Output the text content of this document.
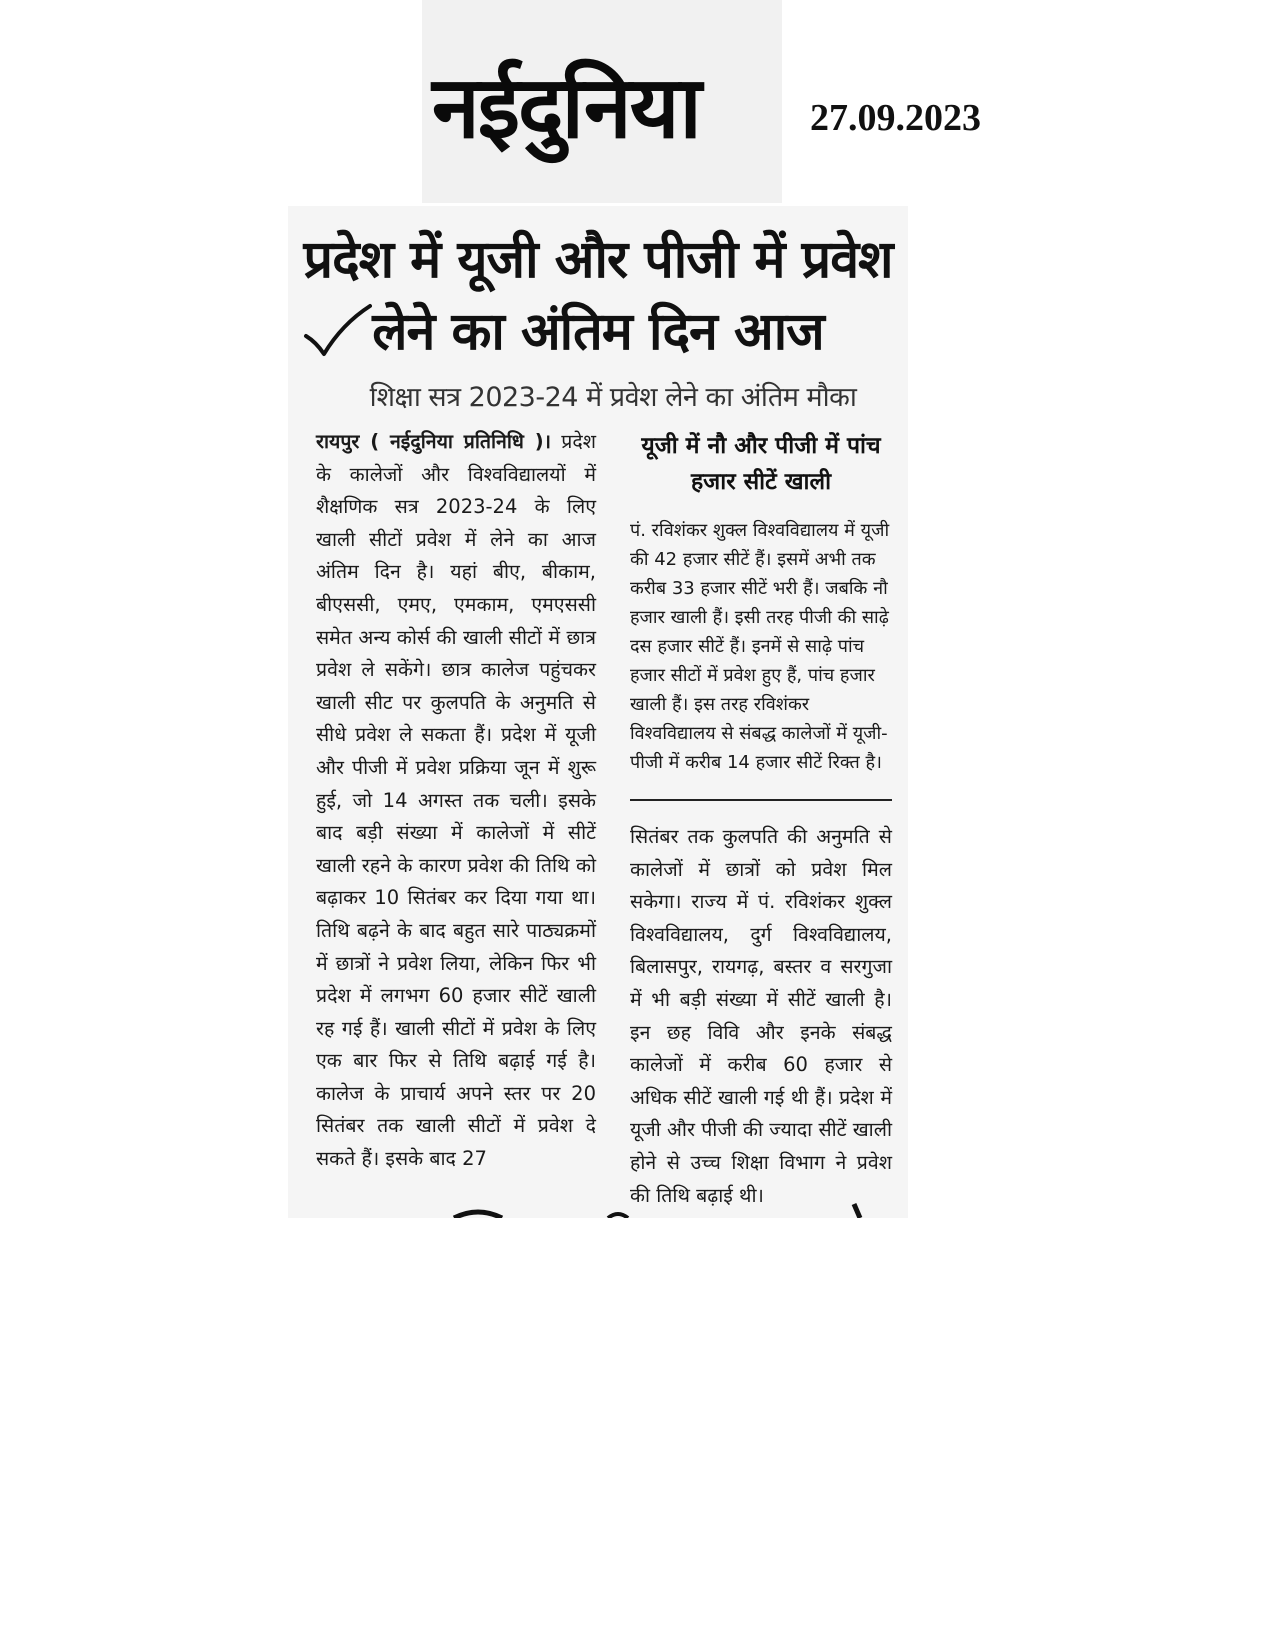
नईदुनिया	27.09.2023
प्रदेश में यूजी और पीजी में प्रवेश
लेने का अंतिम दिन आज
शिक्षा सत्र 2023-24 में प्रवेश लेने का अंतिम मौका
रायपुर ( नईदुनिया प्रतिनिधि )। प्रदेश के कालेजों और विश्वविद्यालयों में शैक्षणिक सत्र 2023-24 के लिए खाली सीटों प्रवेश में लेने का आज अंतिम दिन है। यहां बीए, बीकाम, बीएससी, एमए, एमकाम, एमएससी समेत अन्य कोर्स की खाली सीटों में छात्र प्रवेश ले सकेंगे। छात्र कालेज पहुंचकर खाली सीट पर कुलपति के अनुमति से सीधे प्रवेश ले सकता हैं। प्रदेश में यूजी और पीजी में प्रवेश प्रक्रिया जून में शुरू हुई, जो 14 अगस्त तक चली। इसके बाद बड़ी संख्या में कालेजों में सीटें खाली रहने के कारण प्रवेश की तिथि को बढ़ाकर 10 सितंबर कर दिया गया था। तिथि बढ़ने के बाद बहुत सारे पाठ्यक्रमों में छात्रों ने प्रवेश लिया, लेकिन फिर भी प्रदेश में लगभग 60 हजार सीटें खाली रह गई हैं। खाली सीटों में प्रवेश के लिए एक बार फिर से तिथि बढ़ाई गई है। कालेज के प्राचार्य अपने स्तर पर 20 सितंबर तक खाली सीटों में प्रवेश दे सकते हैं। इसके बाद 27
यूजी में नौ और पीजी में पांच हजार सीटें खाली
पं. रविशंकर शुक्ल विश्वविद्यालय में यूजी की 42 हजार सीटें हैं। इसमें अभी तक करीब 33 हजार सीटें भरी हैं। जबकि नौ हजार खाली हैं। इसी तरह पीजी की साढ़े दस हजार सीटें हैं। इनमें से साढ़े पांच हजार सीटों में प्रवेश हुए हैं, पांच हजार खाली हैं। इस तरह रविशंकर विश्वविद्यालय से संबद्ध कालेजों में यूजी-पीजी में करीब 14 हजार सीटें रिक्त है।
सितंबर तक कुलपति की अनुमति से कालेजों में छात्रों को प्रवेश मिल सकेगा। राज्य में पं. रविशंकर शुक्ल विश्वविद्यालय, दुर्ग विश्वविद्यालय, बिलासपुर, रायगढ़, बस्तर व सरगुजा में भी बड़ी संख्या में सीटें खाली है। इन छह विवि और इनके संबद्ध कालेजों में करीब 60 हजार से अधिक सीटें खाली गई थी हैं। प्रदेश में यूजी और पीजी की ज्यादा सीटें खाली होने से उच्च शिक्षा विभाग ने प्रवेश की तिथि बढ़ाई थी।
